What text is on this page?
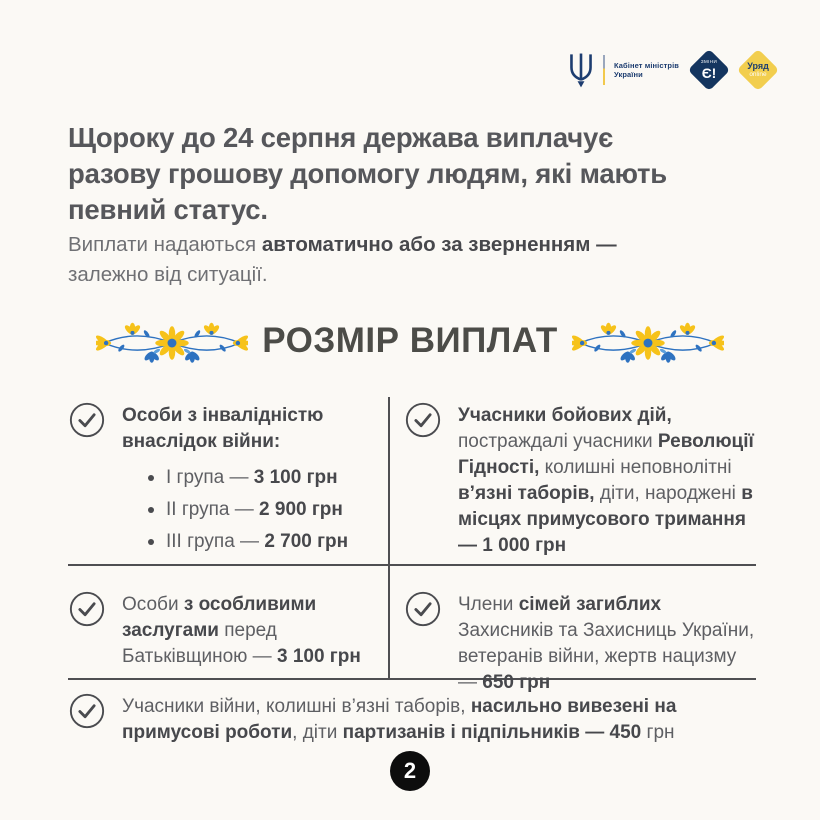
Кабінет міністрів України
ЗМІНИ
Є!	Уряд
online
Щороку до 24 серпня держава виплачує разову грошову допомогу людям, які мають певний статус.

Виплати надаються автоматично або за зверненням — залежно від ситуації.

РОЗМІР ВИПЛАТ

Особи з інвалідністю внаслідок війни:

І група — 3 100 грн
ІІ група — 2 900 грн
ІІІ група — 2 700 грн

Учасники бойових дій, постраждалі учасники Революції Гідності, колишні неповнолітні в’язні таборів, діти, народжені в місцях примусового тримання
— 1 000 грн

Особи з особливими заслугами перед Батьківщиною — 3 100 грн

Члени сімей загиблих Захисників та Захисниць України, ветеранів війни, жертв нацизму — 650 грн

Учасники війни, колишні в’язні таборів, насильно вивезені на примусові роботи, діти партизанів і підпільників — 450 грн

2
